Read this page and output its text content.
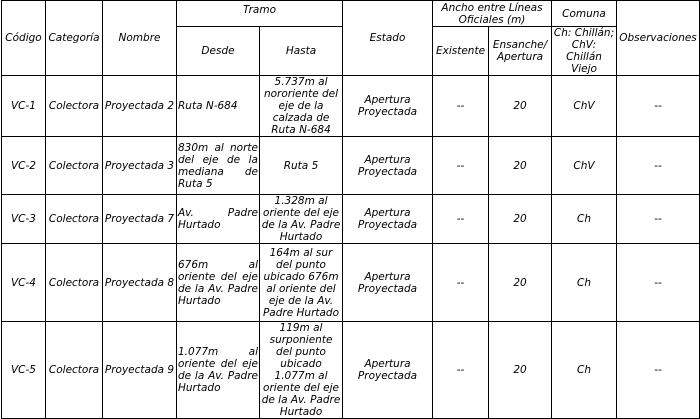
Código	Categoría	Nombre	Tramo		Estado	Ancho entre Líneas Oficiales (m)		Comuna	Observaciones
			Desde	Hasta		Existente	Ensanche/ Apertura	Ch: Chillán; ChV: Chillán Viejo	
VC-1	Colectora	Proyectada 2	Ruta N-684	5.737m al nororiente del eje de la calzada de Ruta N-684	Apertura Proyectada	--	20	ChV	--
VC-2	Colectora	Proyectada 3	830m al norte del eje de la mediana de Ruta 5	Ruta 5	Apertura Proyectada	--	20	ChV	--
VC-3	Colectora	Proyectada 7	Av. Padre Hurtado	1.328m al oriente del eje de la Av. Padre Hurtado	Apertura Proyectada	--	20	Ch	--
VC-4	Colectora	Proyectada 8	676m al oriente del eje de la Av. Padre Hurtado	164m al sur del punto ubicado 676m al oriente del eje de la Av. Padre Hurtado	Apertura Proyectada	--	20	Ch	--
VC-5	Colectora	Proyectada 9	1.077m al oriente del eje de la Av. Padre Hurtado	119m al surponiente del punto ubicado 1.077m al oriente del eje de la Av. Padre Hurtado	Apertura Proyectada	--	20	Ch	--
